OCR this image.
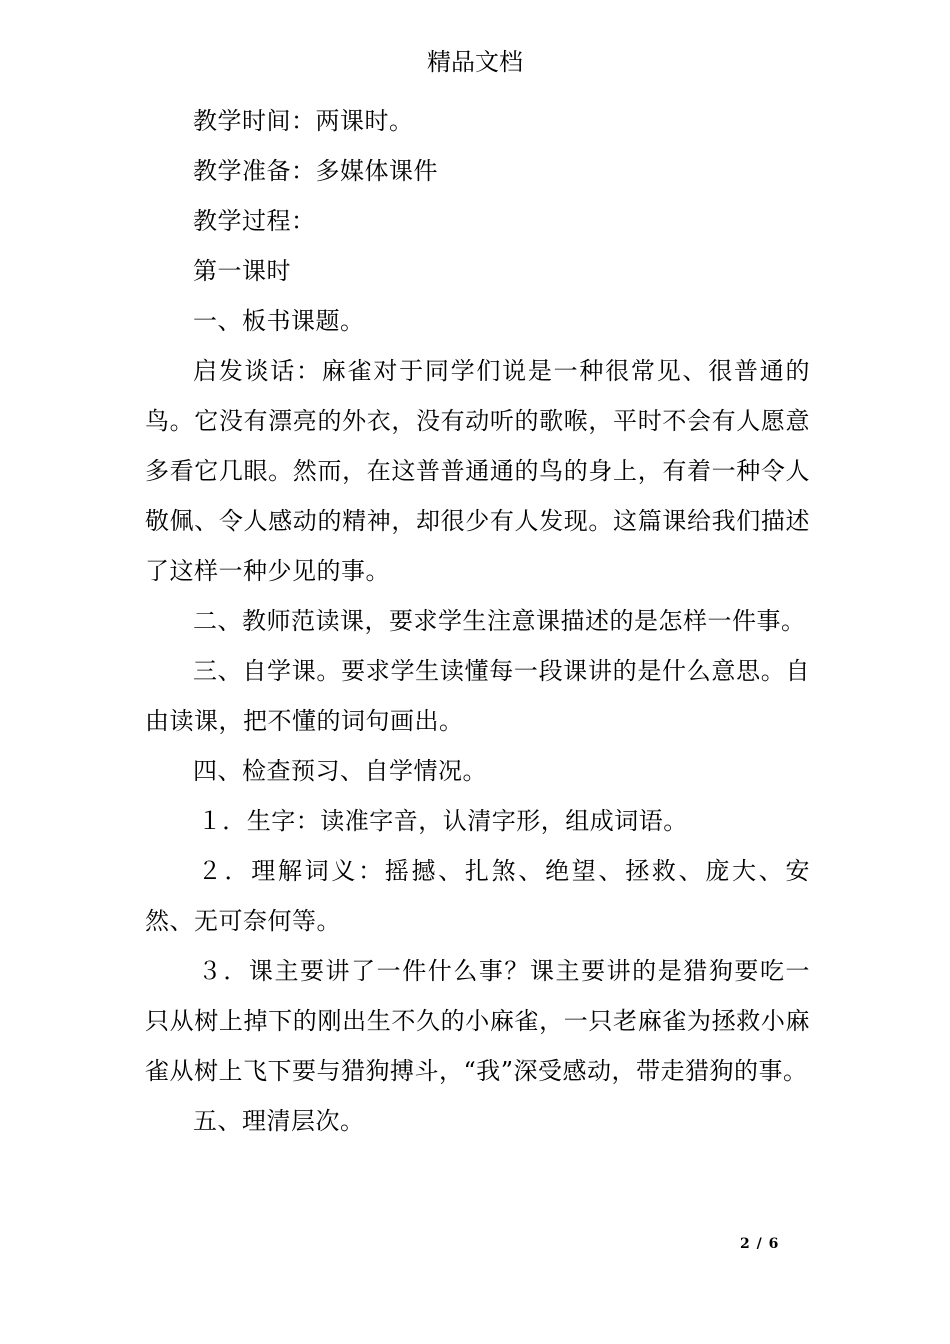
精品文档

教学时间：两课时。

教学准备：多媒体课件

教学过程：

第一课时

一、板书课题。

启发谈话：麻雀对于同学们说是一种很常见、很普通的鸟。它没有漂亮的外衣，没有动听的歌喉，平时不会有人愿意多看它几眼。然而，在这普普通通的鸟的身上，有着一种令人敬佩、令人感动的精神，却很少有人发现。这篇课给我们描述了这样一种少见的事。

二、教师范读课，要求学生注意课描述的是怎样一件事。

三、自学课。要求学生读懂每一段课讲的是什么意思。自由读课，把不懂的词句画出。

四、检查预习、自学情况。

１．生字：读准字音，认清字形，组成词语。

２．理解词义：摇撼、扎煞、绝望、拯救、庞大、安然、无可奈何等。

３．课主要讲了一件什么事？课主要讲的是猎狗要吃一只从树上掉下的刚出生不久的小麻雀，一只老麻雀为拯救小麻雀从树上飞下要与猎狗搏斗，“我”深受感动，带走猎狗的事。

五、理清层次。

2 / 6
